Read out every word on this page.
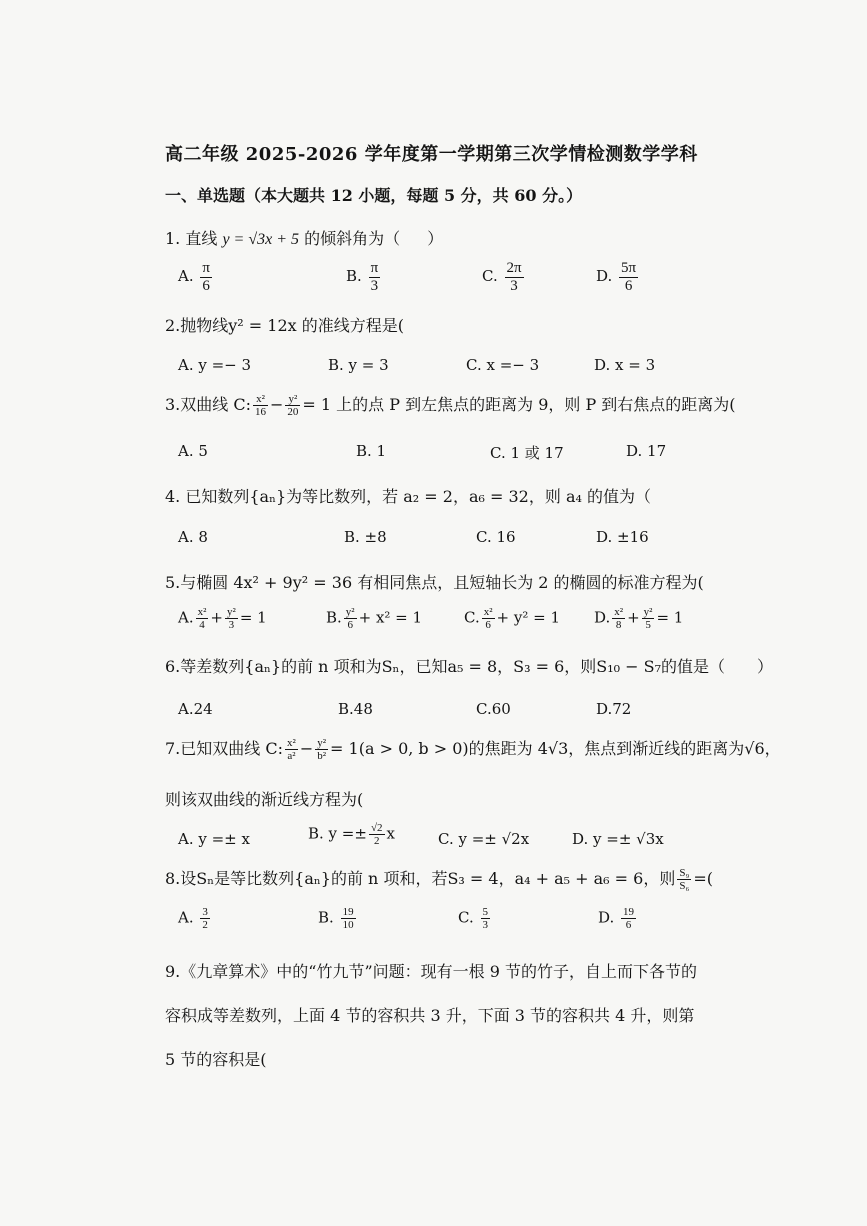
高二年级 2025-2026 学年度第一学期第三次学情检测数学学科
一、单选题（本大题共 12 小题，每题 5 分，共 60 分。）
1. 直线 y = √3x + 5 的倾斜角为（ ）
A. $\frac{\pi}{6}$	B. $\frac{\pi}{3}$	C. $\frac{2\pi}{3}$	D. $\frac{5\pi}{6}$
2.抛物线y² = 12x 的准线方程是(
A. y =− 3	B. y = 3	C. x =− 3	D. x = 3
3.双曲线 C: $\frac{\text{x²}}{16} - \frac{\text{y²}}{20} = 1$ 上的点 P 到左焦点的距离为 9，则 P 到右焦点的距离为(
A. 5	B. 1	C. 1 或 17	D. 17
4. 已知数列{aₙ}为等比数列，若 a₂ = 2，a₆ = 32，则 a₄ 的值为（
A. 8	B. ±8	C. 16	D. ±16
5.与椭圆 4x² + 9y² = 36 有相同焦点，且短轴长为 2 的椭圆的标准方程为(
A. $\frac{\text{x²}}{4} + \frac{\text{y²}}{3} = 1$	B. $\frac{\text{y²}}{6} + x^2 = 1$	C. $\frac{\text{x²}}{6} + y^2 = 1$ D. $\frac{\text{x²}}{8} + \frac{\text{y²}}{5} = 1$
6.等差数列{aₙ}的前 n 项和为Sₙ，已知a₅ = 8，S₃ = 6，则S₁₀ − S₇的值是（　　）
A.24	B.48	C.60	D.72
7.已知双曲线 C: $\frac{\text{x²}}{\text{a²}} - \frac{\text{y²}}{\text{b²}} = 1(a > 0$, b > 0)的焦距为 4√3，焦点到渐近线的距离为√6，
则该双曲线的渐近线方程为(
A. y =± x	B. $y =\pm \frac{√2}{2}$ x	C. y =± √2x	D. y =± √3x
8.设Sₙ是等比数列{aₙ}的前 n 项和，若S₃ = 4，a₄ + a₅ + a₆ = 6，则 $\frac{\text{S₉}}{\text{S₆}}$ =(
A. $\frac{3}{2}$	B. $\frac{19}{10}$	C. $\frac{5}{3}$	D. $\frac{19}{6}$
9.《九章算术》中的“竹九节”问题：现有一根 9 节的竹子，自上而下各节的容积成等差数列，上面 4 节的容积共 3 升，下面 3 节的容积共 4 升，则第 5 节的容积是(
